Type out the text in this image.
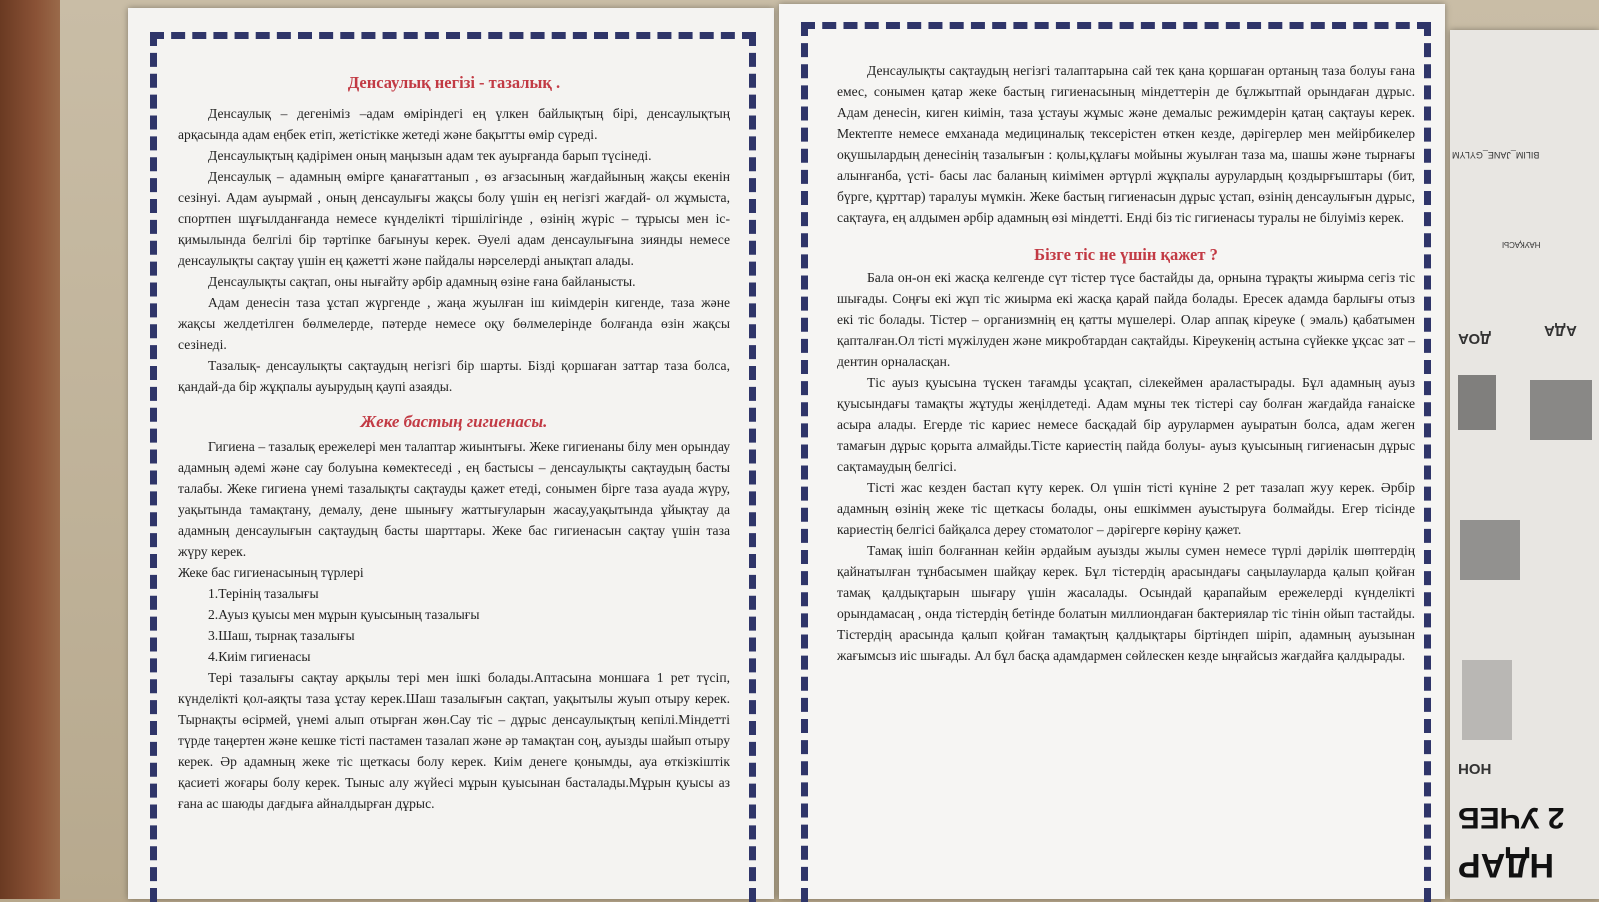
Денсаулық негізі - тазалық .

Денсаулық – дегеніміз –адам өміріндегі ең үлкен байлықтың бірі, денсаулықтың арқасында адам еңбек етіп, жетістікке жетеді және бақытты өмір сүреді.

Денсаулықтың қадірімен оның маңызын адам тек ауырғанда барып түсінеді.

Денсаулық – адамның өмірге қанағаттанып , өз ағзасының жағдайының жақсы екенін сезінуі. Адам ауырмай , оның денсаулығы жақсы болу үшін ең негізгі жағдай- ол жұмыста, спортпен шұғылданғанда немесе күнделікті тіршілігінде , өзінің жүріс – тұрысы мен іс- қимылында белгілі бір тәртіпке бағынуы керек. Әуелі адам денсаулығына зиянды немесе денсаулықты сақтау үшін ең қажетті және пайдалы нәрселерді анықтап алады.

Денсаулықты сақтап, оны нығайту әрбір адамның өзіне ғана байланысты.

Адам денесін таза ұстап жүргенде , жаңа жуылған іш киімдерін кигенде, таза және жақсы желдетілген бөлмелерде, пәтерде немесе оқу бөлмелерінде болғанда өзін жақсы сезінеді.

Тазалық- денсаулықты сақтаудың негізгі бір шарты. Бізді қоршаған заттар таза болса, қандай-да бір жұқпалы ауырудың қаупі азаяды.

Жеке бастың гигиенасы.

Гигиена – тазалық ережелері мен талаптар жиынтығы. Жеке гигиенаны білу мен орындау адамның әдемі және сау болуына көмектеседі , ең бастысы – денсаулықты сақтаудың басты талабы. Жеке гигиена үнемі тазалықты сақтауды қажет етеді, сонымен бірге таза ауада жүру, уақытында тамақтану, демалу, дене шынығу жаттығуларын жасау,уақытында ұйықтау да адамның денсаулығын сақтаудың басты шарттары. Жеке бас гигиенасын сақтау үшін таза жүру керек.

Жеке бас гигиенасының түрлері

1.Терінің тазалығы

2.Ауыз қуысы мен мұрын қуысының тазалығы

3.Шаш, тырнақ тазалығы

4.Киім гигиенасы

Тері тазалығы сақтау арқылы тері мен ішкі болады.Аптасына моншаға 1 рет түсіп, күнделікті қол-аяқты таза ұстау керек.Шаш тазалығын сақтап, уақытылы жуып отыру керек. Тырнақты өсірмей, үнемі алып отырған жөн.Сау тіс – дұрыс денсаулықтың кепілі.Міндетті түрде таңертен және кешке тісті пастамен тазалап және әр тамақтан соң, ауызды шайып отыру керек. Әр адамның жеке тіс щеткасы болу керек. Киім денеге қонымды, ауа өткізкіштік қасиеті жоғары болу керек. Тыныс алу жүйесі мұрын қуысынан басталады.Мұрын қуысы аз ғана ас шаюды дағдыға айналдырған дұрыс.

Денсаулықты сақтаудың негізгі талаптарына сай тек қана қоршаған ортаның таза болуы ғана емес, сонымен қатар жеке бастың гигиенасының міндеттерін де бұлжытпай орындаған дұрыс. Адам денесін, киген киімін, таза ұстауы жұмыс және демалыс режимдерін қатаң сақтауы керек. Мектепте немесе емханада медициналық тексерістен өткен кезде, дәрігерлер мен мейірбикелер оқушылардың денесінің тазалығын : қолы,құлағы мойыны жуылған таза ма, шашы және тырнағы алынғанба, үсті- басы лас баланың киімімен әртүрлі жұқпалы аурулардың қоздырғыштары (бит, бүрге, құрттар) таралуы мүмкін. Жеке бастың гигиенасын дұрыс ұстап, өзінің денсаулығын дұрыс, сақтауға, ең алдымен әрбір адамның өзі міндетті. Енді біз тіс гигиенасы туралы не білуіміз керек.

Бізге тіс не үшін қажет ?

Бала он-он екі жасқа келгенде сүт тістер түсе бастайды да, орнына тұрақты жиырма сегіз тіс шығады. Соңғы екі жұп тіс жиырма екі жасқа қарай пайда болады. Ересек адамда барлығы отыз екі тіс болады. Тістер – организмнің ең қатты мүшелері. Олар аппақ кіреуке ( эмаль) қабатымен қапталған.Ол тісті мүжілуден және микробтардан сақтайды. Кіреукенің астына сүйекке ұқсас зат – дентин орналасқан.

Тіс ауыз қуысына түскен тағамды ұсақтап, сілекеймен араластырады. Бұл адамның ауыз қуысындағы тамақты жұтуды жеңілдетеді. Адам мұны тек тістері сау болған жағдайда ғанаіске асыра алады. Егерде тіс кариес немесе басқадай бір аурулармен ауыратын болса, адам жеген тамағын дұрыс қорыта алмайды.Тісте кариестің пайда болуы- ауыз қуысының гигиенасын дұрыс сақтамаудың белгісі.

Тісті жас кезден бастап күту керек. Ол үшін тісті күніне 2 рет тазалап жуу керек. Әрбір адамның өзінің жеке тіс щеткасы болады, оны ешкіммен ауыстыруға болмайды. Егер тісінде кариестің белгісі байқалса дереу стоматолог – дәрігерге көріну қажет.

Тамақ ішіп болғаннан кейін әрдайым ауызды жылы сумен немесе түрлі дәрілік шөптердің қайнатылған тұнбасымен шайқау керек. Бұл тістердің арасындағы саңылауларда қалып қойған тамақ қалдықтарын шығару үшін жасалады. Осындай қарапайым ережелерді күнделікті орындамасаң , онда тістердің бетінде болатын миллиондаған бактериялар тіс тінін ойып тастайды. Тістердің арасында қалып қойған тамақтың қалдықтары біртіндеп шіріп, адамның ауызынан жағымсыз иіс шығады. Ал бұл басқа адамдармен сөйлескен кезде ыңғайсыз жағдайға қалдырады.

BILIM_JANE_GYLYM
НАУҚАСЫ
ДОА	АДА
НОН
2 УЧЕБ
НДАР
